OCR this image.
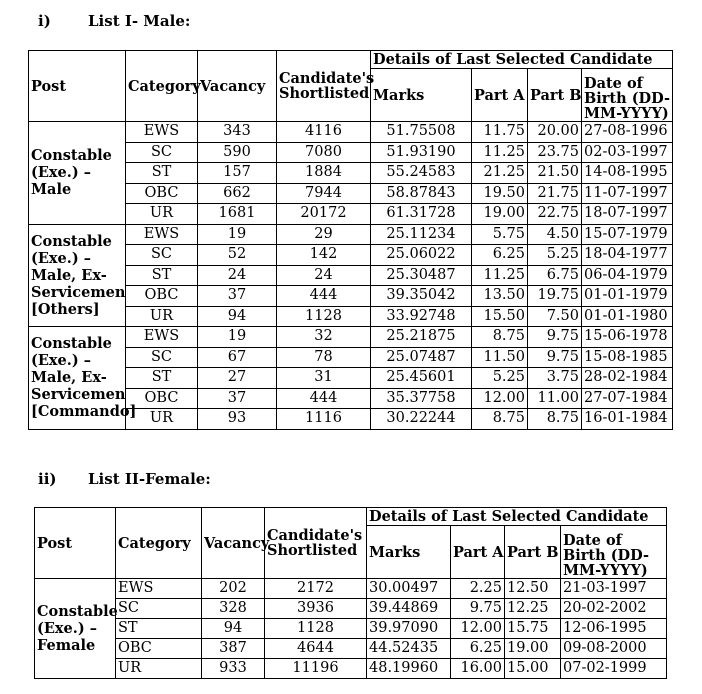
i) List I- Male:
Post	Category	Vacancy	Candidate's Shortlisted	Details of Last Selected Candidate			
				Marks	Part A	Part B	Date of Birth (DD-MM-YYYY)
Constable (Exe.) – Male	EWS	343	4116	51.75508	11.75	20.00	27-08-1996
	SC	590	7080	51.93190	11.25	23.75	02-03-1997
	ST	157	1884	55.24583	21.25	21.50	14-08-1995
	OBC	662	7944	58.87843	19.50	21.75	11-07-1997
	UR	1681	20172	61.31728	19.00	22.75	18-07-1997
Constable (Exe.) – Male, Ex-Servicemen [Others]	EWS	19	29	25.11234	5.75	4.50	15-07-1979
	SC	52	142	25.06022	6.25	5.25	18-04-1977
	ST	24	24	25.30487	11.25	6.75	06-04-1979
	OBC	37	444	39.35042	13.50	19.75	01-01-1979
	UR	94	1128	33.92748	15.50	7.50	01-01-1980
Constable (Exe.) – Male, Ex-Servicemen [Commando]	EWS	19	32	25.21875	8.75	9.75	15-06-1978
	SC	67	78	25.07487	11.50	9.75	15-08-1985
	ST	27	31	25.45601	5.25	3.75	28-02-1984
	OBC	37	444	35.37758	12.00	11.00	27-07-1984
	UR	93	1116	30.22244	8.75	8.75	16-01-1984
ii) List II-Female:
Post	Category	Vacancy	Candidate's Shortlisted	Details of Last Selected Candidate			
				Marks	Part A	Part B	Date of Birth (DD-MM-YYYY)
Constable (Exe.) – Female	EWS	202	2172	30.00497	2.25	12.50	21-03-1997
	SC	328	3936	39.44869	9.75	12.25	20-02-2002
	ST	94	1128	39.97090	12.00	15.75	12-06-1995
	OBC	387	4644	44.52435	6.25	19.00	09-08-2000
	UR	933	11196	48.19960	16.00	15.00	07-02-1999
